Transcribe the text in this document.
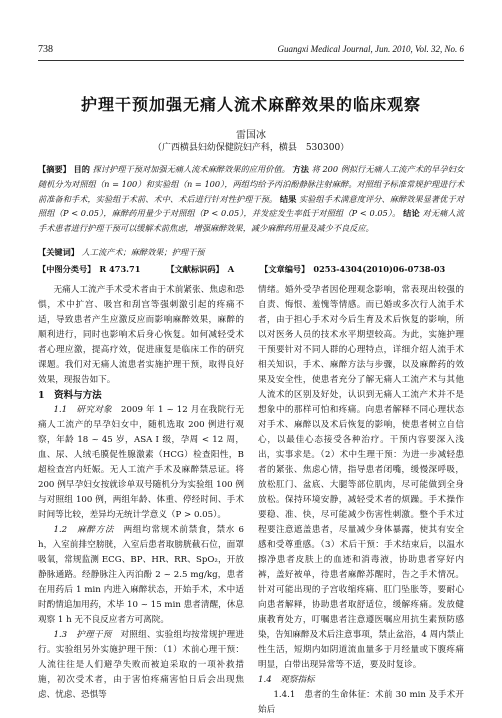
738	Guangxi Medical Journal, Jun. 2010, Vol. 32, No. 6
护理干预加强无痛人流术麻醉效果的临床观察
雷国冰
（广西横县妇幼保健院妇产科，横县　530300）
【摘要】 目的 探讨护理干预对加强无痛人流术麻醉效果的应用价值。 方法 将 200 例拟行无痛人工流产术的早孕妇女随机分为对照组（n = 100）和实验组（n = 100），两组均给予丙泊酚静脉注射麻醉。对照组予标准常规护理进行术前准备和手术，实验组于术前、术中、术后进行针对性护理干预。 结果 实验组手术满意度评分、麻醉效果显著优于对照组（P < 0.05），麻醉药用量少于对照组（P < 0.05），并发症发生率低于对照组（P < 0.05）。 结论 对无痛人流手术患者进行护理干预可以缓解术前焦虑，增强麻醉效果，减少麻醉药用量及减少不良反应。
【关键词】 人工流产术；麻醉效果；护理干预
【中图分类号】　R 473.71	【文献标识码】　A	【文章编号】　0253-4304(2010)06-0738-03

无痛人工流产手术受术者由于术前紧张、焦虑和恐惧，术中扩宫、吸宫和刮宫等强刺激引起的疼痛不适，导致患者产生应激反应而影响麻醉效果，麻醉的顺利进行，同时也影响术后身心恢复。如何减轻受术者心理应激，提高疗效，促进康复是临床工作的研究课题。我们对无痛人流患者实施护理干预，取得良好效果，现报告如下。

1　资料与方法

1.1　研究对象　 2009 年 1 ~ 12 月在我院行无痛人工流产的早孕妇女中，随机选取 200 例进行观察，年龄 18 ~ 45 岁，ASA Ⅰ 级，孕周 < 12 周，血、尿、人绒毛膜促性腺激素（HCG）检查阳性，B 超检查宫内妊娠。无人工流产手术及麻醉禁忌证。将 200 例早孕妇女按就诊单双号随机分为实验组 100 例与对照组 100 例，两组年龄、体重、停经时间、手术时间等比较，差异均无统计学意义（P > 0.05）。

1.2　麻醉方法　 两组均常规术前禁食，禁水 6 h，入室前排空膀胱，入室后患者取膀胱截石位，面罩吸氧，常规监测 ECG、BP、HR、RR、SpO₂，开放静脉通路。经静脉注入丙泊酚 2 ~ 2.5 mg/kg，患者在用药后 1 min 内进入麻醉状态，开始手术，术中适时酌情追加用药，术毕 10 ~ 15 min 患者清醒，休息观察 1 h 无不良反应者方可离院。

1.3　护理干预　 对照组、实验组均按常规护理进行。实验组另外实施护理干预：（1）术前心理干预：人流往往是人们避孕失败而被迫采取的一项补救措施，初次受术者，由于害怕疼痛害怕日后会出现焦虑、忧虑、恐惧等

情绪。婚外受孕者因伦理观念影响，常表现出较强的自责、悔恨、羞愧等情感。而已婚或多次行人流手术者，由于担心手术对今后生育及术后恢复的影响，所以对医务人员的技术水平期望较高。为此，实施护理干预要针对不同人群的心理特点，详细介绍人流手术相关知识，手术、麻醉方法与步骤，以及麻醉药的效果及安全性，使患者充分了解无痛人工流产术与其他人流术的区别及好处，认识到无痛人工流产术并不是想象中的那样可怕和疼痛。向患者解释不同心理状态对手术、麻醉以及术后恢复的影响，使患者树立自信心，以最佳心态接受各种治疗。干预内容要深入浅出，实事求是。（2）术中生理干预：为进一步减轻患者的紧张、焦虑心情，指导患者闭嘴，缓慢深呼吸，放松肛门、盆底、大腿等部位肌肉，尽可能做到全身放松。保持环境安静，减轻受术者的烦躁。手术操作要稳、准、快，尽可能减少伤害性刺激。整个手术过程要注意遮盖患者，尽量减少身体暴露，使其有安全感和受尊重感。（3）术后干预：手术结束后，以温水擦净患者皮肤上的血迹和消毒液，协助患者穿好内裤，盖好被单，待患者麻醉苏醒时，告之手术情况。针对可能出现的子宫收缩疼痛、肛门坠胀等，要耐心向患者解释，协助患者取舒适位，缓解疼痛。发放健康教育处方，叮嘱患者注意遵医嘱应用抗生素预防感染，告知麻醉及术后注意事项，禁止盆浴，4 周内禁止性生活，短期内如阴道流血量多于月经量或下腹疼痛明显，白带出现异常等不适，要及时复诊。

1.4　观察指标

1.4.1　患者的生命体征：术前 30 min 及手术开始后
